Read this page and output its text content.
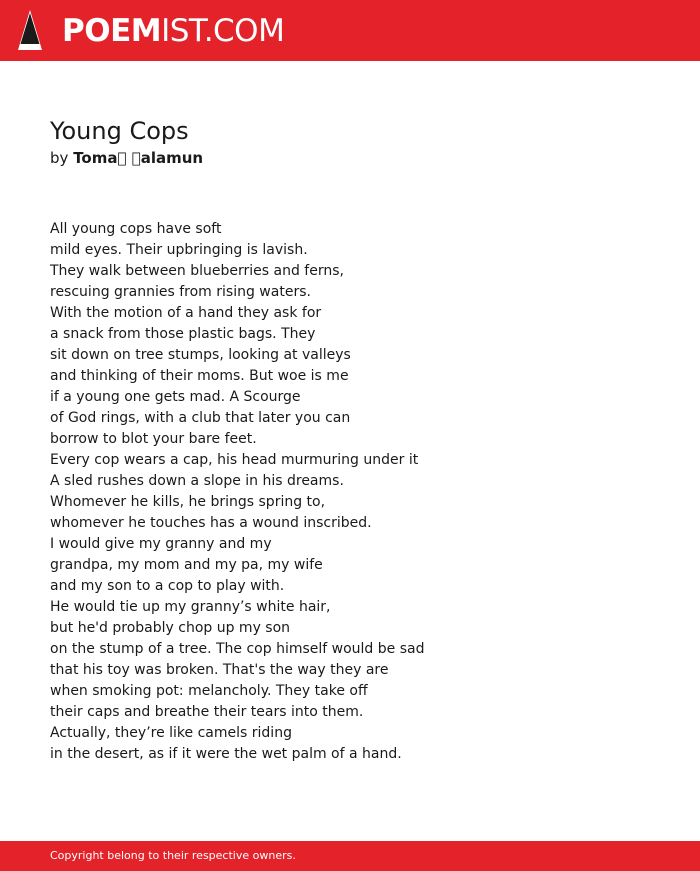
POEMIST.COM
Young Cops
by Toma   alamun
All young cops have soft
mild eyes. Their upbringing is lavish.
They walk between blueberries and ferns,
rescuing grannies from rising waters.
With the motion of a hand they ask for
a snack from those plastic bags. They
sit down on tree stumps, looking at valleys
and thinking of their moms. But woe is me
if a young one gets mad. A Scourge
of God rings, with a club that later you can
borrow to blot your bare feet.
Every cop wears a cap, his head murmuring under it
A sled rushes down a slope in his dreams.
Whomever he kills, he brings spring to,
whomever he touches has a wound inscribed.
I would give my granny and my
grandpa, my mom and my pa, my wife
and my son to a cop to play with.
He would tie up my granny’s white hair,
but he'd probably chop up my son
on the stump of a tree. The cop himself would be sad
that his toy was broken. That's the way they are
when smoking pot: melancholy. They take off
their caps and breathe their tears into them.
Actually, they’re like camels riding
in the desert, as if it were the wet palm of a hand.
Copyright belong to their respective owners.
